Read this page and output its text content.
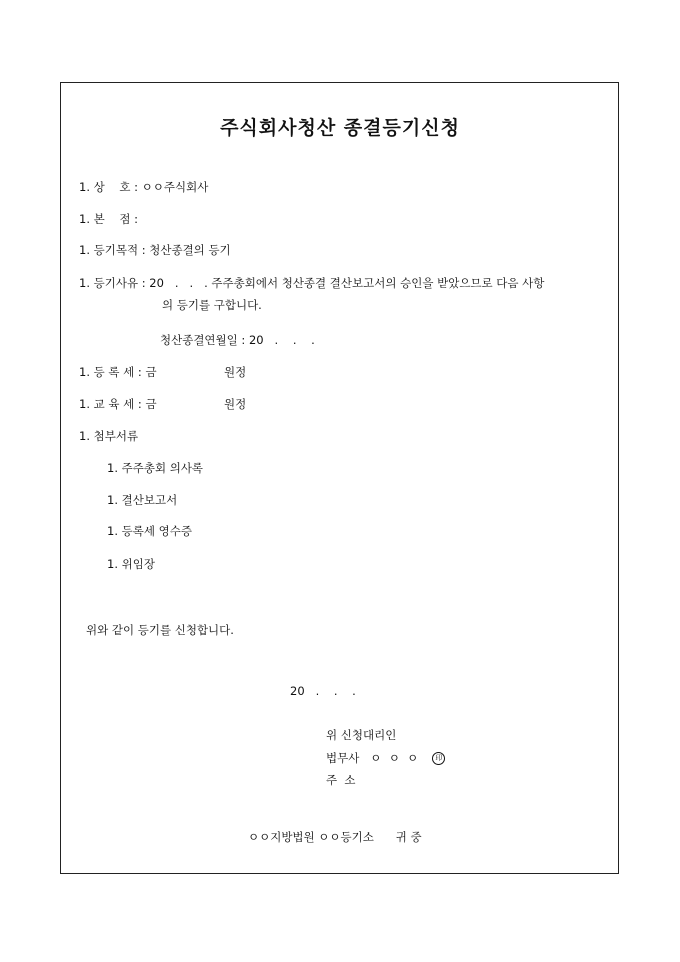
주식회사청산 종결등기신청
1. 상    호 : ㅇㅇ주식회사
1. 본    점 :
1. 등기목적 : 청산종결의 등기
1. 등기사유 : 20   .   .   . 주주총회에서 청산종결 결산보고서의 승인을 받았으므로 다음 사항
의 등기를 구합니다.
청산종결연월일 : 20   .    .    .
1. 등 록 세 : 금	원정
1. 교 육 세 : 금	원정
1. 첨부서류
1. 주주총회 의사록
1. 결산보고서
1. 등록세 영수증
1. 위임장
위와 같이 등기를 신청합니다.
20   .    .    .
위 신청대리인
법무사   ㅇ  ㅇ  ㅇ 印
주  소
ㅇㅇ지방법원 ㅇㅇ등기소      귀 중
